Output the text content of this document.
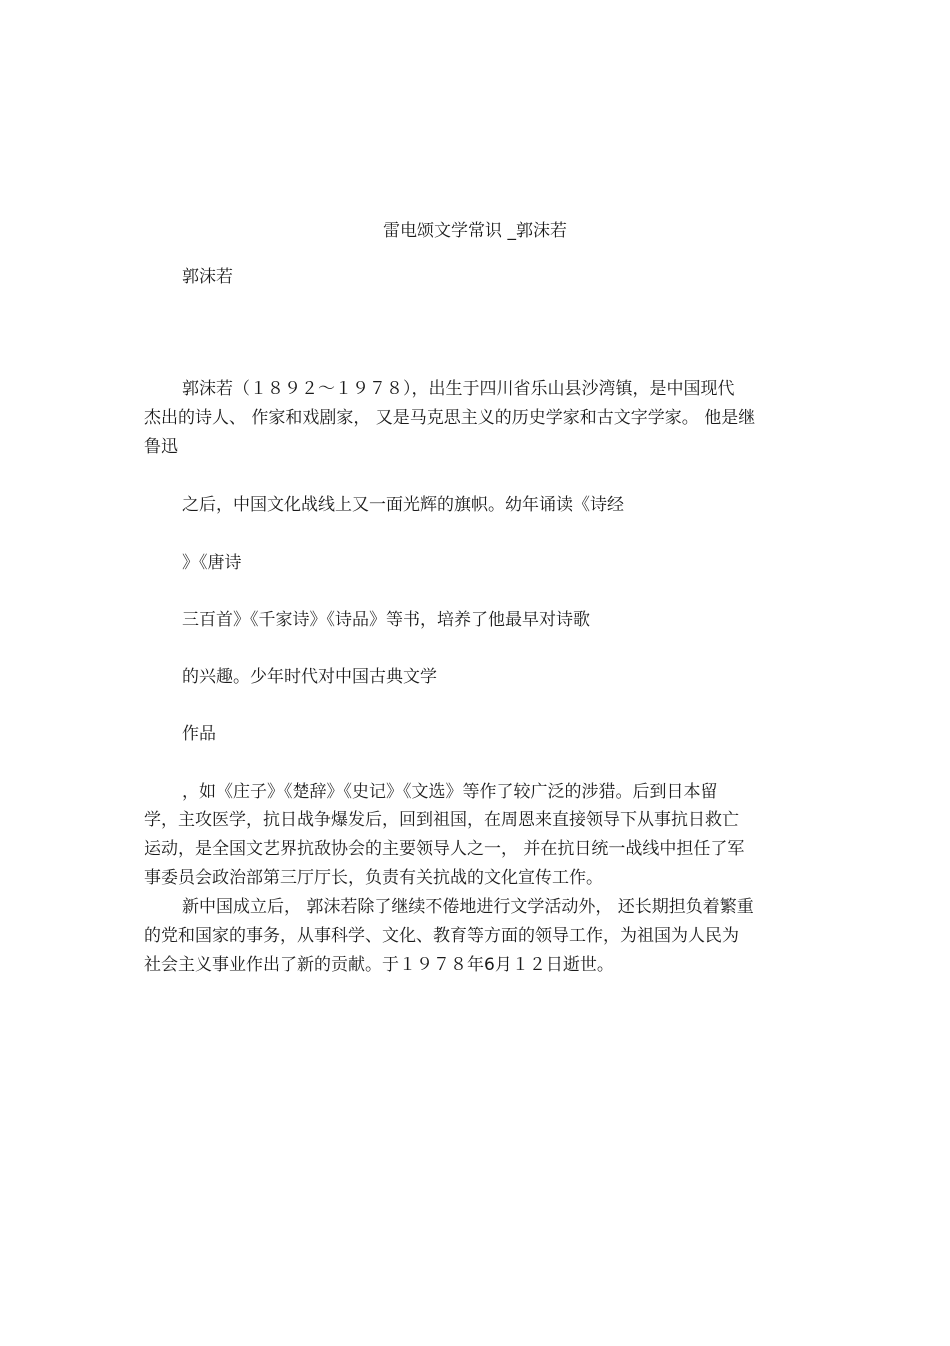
雷电颂文学常识 _郭沫若
郭沫若
郭沫若（１８９２～１９７８），出生于四川省乐山县沙湾镇，是中国现代
杰出的诗人、 作家和戏剧家， 又是马克思主义的历史学家和古文字学家。 他是继
鲁迅
之后，中国文化战线上又一面光辉的旗帜。幼年诵读《诗经
》《唐诗
三百首》《千家诗》《诗品》等书，培养了他最早对诗歌
的兴趣。少年时代对中国古典文学
作品
，如《庄子》《楚辞》《史记》《文选》等作了较广泛的涉猎。后到日本留
学，主攻医学，抗日战争爆发后，回到祖国，在周恩来直接领导下从事抗日救亡
运动，是全国文艺界抗敌协会的主要领导人之一， 并在抗日统一战线中担任了军
事委员会政治部第三厅厅长，负责有关抗战的文化宣传工作。
新中国成立后， 郭沫若除了继续不倦地进行文学活动外， 还长期担负着繁重
的党和国家的事务，从事科学、文化、教育等方面的领导工作，为祖国为人民为
社会主义事业作出了新的贡献。于１９７８年6月１２日逝世。
